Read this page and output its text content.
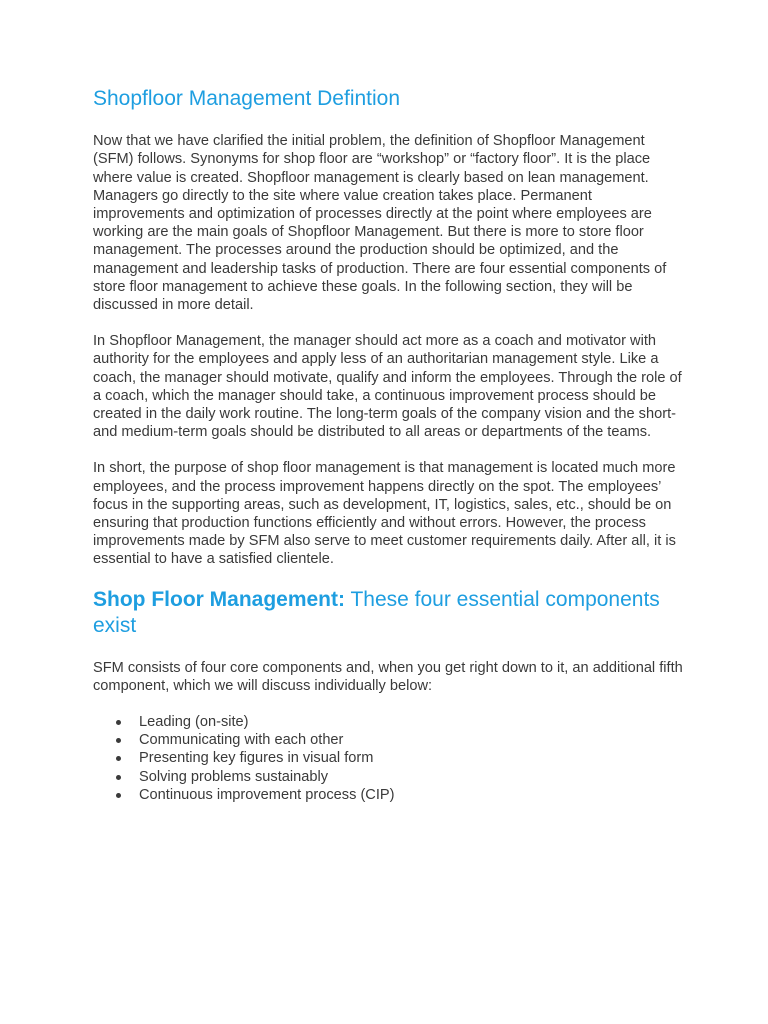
Shopfloor Management Defintion

Now that we have clarified the initial problem, the definition of Shopfloor Management (SFM) follows. Synonyms for shop floor are “workshop” or “factory floor”. It is the place where value is created. Shopfloor management is clearly based on lean management. Managers go directly to the site where value creation takes place. Permanent improvements and optimization of processes directly at the point where employees are working are the main goals of Shopfloor Management. But there is more to store floor management. The processes around the production should be optimized, and the management and leadership tasks of production. There are four essential components of store floor management to achieve these goals. In the following section, they will be discussed in more detail.

In Shopfloor Management, the manager should act more as a coach and motivator with authority for the employees and apply less of an authoritarian management style. Like a coach, the manager should motivate, qualify and inform the employees. Through the role of a coach, which the manager should take, a continuous improvement process should be created in the daily work routine. The long-term goals of the company vision and the short- and medium-term goals should be distributed to all areas or departments of the teams.

In short, the purpose of shop floor management is that management is located much more employees, and the process improvement happens directly on the spot. The employees’ focus in the supporting areas, such as development, IT, logistics, sales, etc., should be on ensuring that production functions efficiently and without errors. However, the process improvements made by SFM also serve to meet customer requirements daily. After all, it is essential to have a satisfied clientele.

Shop Floor Management: These four essential components exist

SFM consists of four core components and, when you get right down to it, an additional fifth component, which we will discuss individually below:

Leading (on-site)
Communicating with each other
Presenting key figures in visual form
Solving problems sustainably
Continuous improvement process (CIP)
